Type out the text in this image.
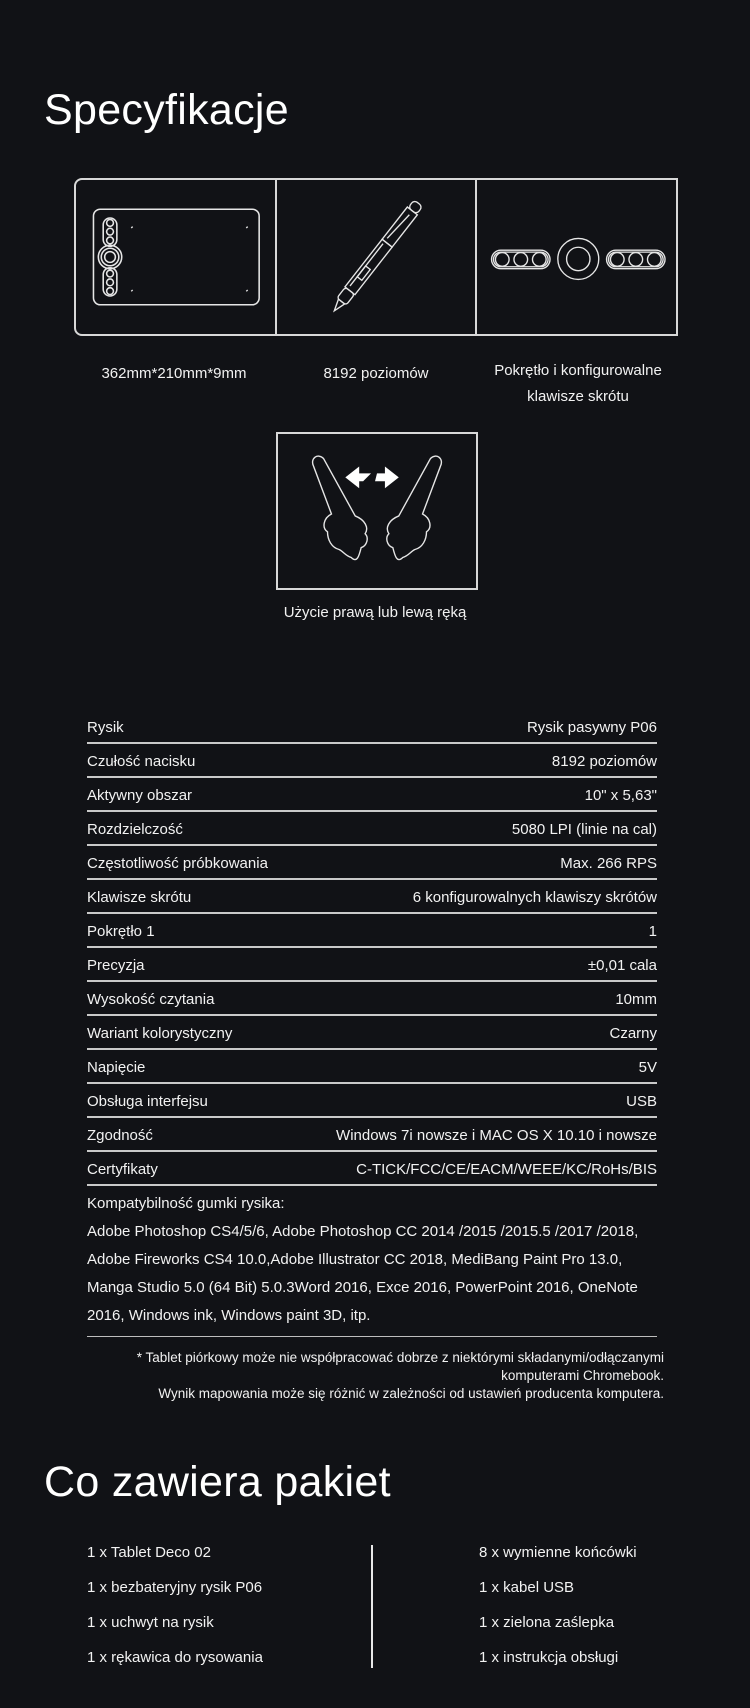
Specyfikacje
362mm*210mm*9mm	8192 poziomów	Pokrętło i konfigurowalne
klawisze skrótu
Użycie prawą lub lewą ręką
Rysik	Rysik pasywny P06
Czułość nacisku	8192 poziomów
Aktywny obszar	10" x 5,63"
Rozdzielczość	5080 LPI (linie na cal)
Częstotliwość próbkowania	Max. 266 RPS
Klawisze skrótu	6 konfigurowalnych klawiszy skrótów
Pokrętło 1	1
Precyzja	±0,01 cala
Wysokość czytania	10mm
Wariant kolorystyczny	Czarny
Napięcie	5V
Obsługa interfejsu	USB
Zgodność	Windows 7i nowsze i MAC OS X 10.10 i nowsze
Certyfikaty	C-TICK/FCC/CE/EACM/WEEE/KC/RoHs/BIS
Kompatybilność gumki rysika:
Adobe Photoshop CS4/5/6, Adobe Photoshop CC 2014 /2015 /2015.5 /2017 /2018,
Adobe Fireworks CS4 10.0,Adobe Illustrator CC 2018, MediBang Paint Pro 13.0,
Manga Studio 5.0 (64 Bit) 5.0.3Word 2016, Exce 2016, PowerPoint 2016, OneNote
2016, Windows ink, Windows paint 3D, itp.
* Tablet piórkowy może nie współpracować dobrze z niektórymi składanymi/odłączanymi
komputerami Chromebook.
Wynik mapowania może się różnić w zależności od ustawień producenta komputera.
Co zawiera pakiet
1 x Tablet Deco 02
1 x bezbateryjny rysik P06
1 x uchwyt na rysik
1 x rękawica do rysowania
8 x wymienne końcówki
1 x kabel USB
1 x zielona zaślepka
1 x instrukcja obsługi
